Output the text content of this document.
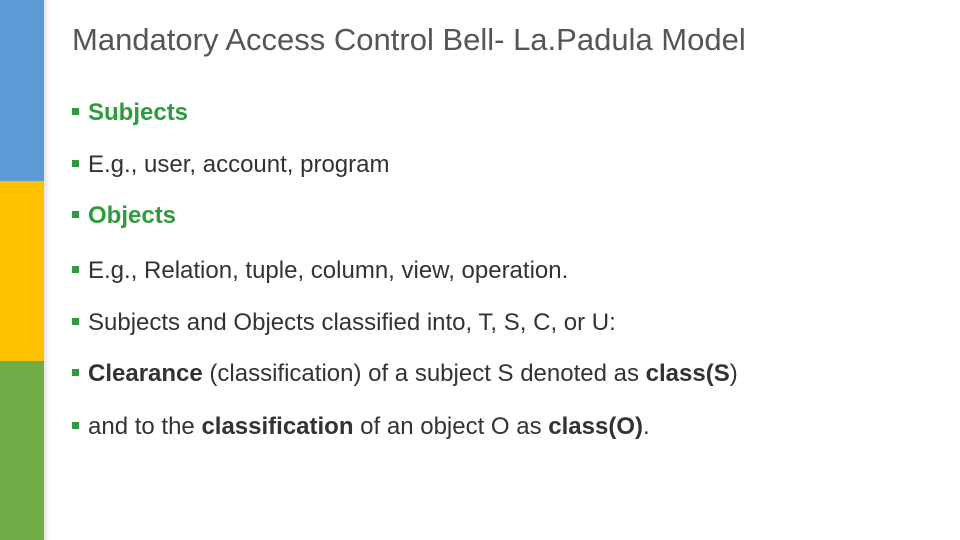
Mandatory Access Control Bell- La.Padula Model
Subjects
E.g., user, account, program
Objects
E.g., Relation, tuple, column, view, operation.
Subjects and Objects classified into, T, S, C, or U:
Clearance (classification) of a subject S denoted as class(S)
and to the classification of an object O as class(O).
